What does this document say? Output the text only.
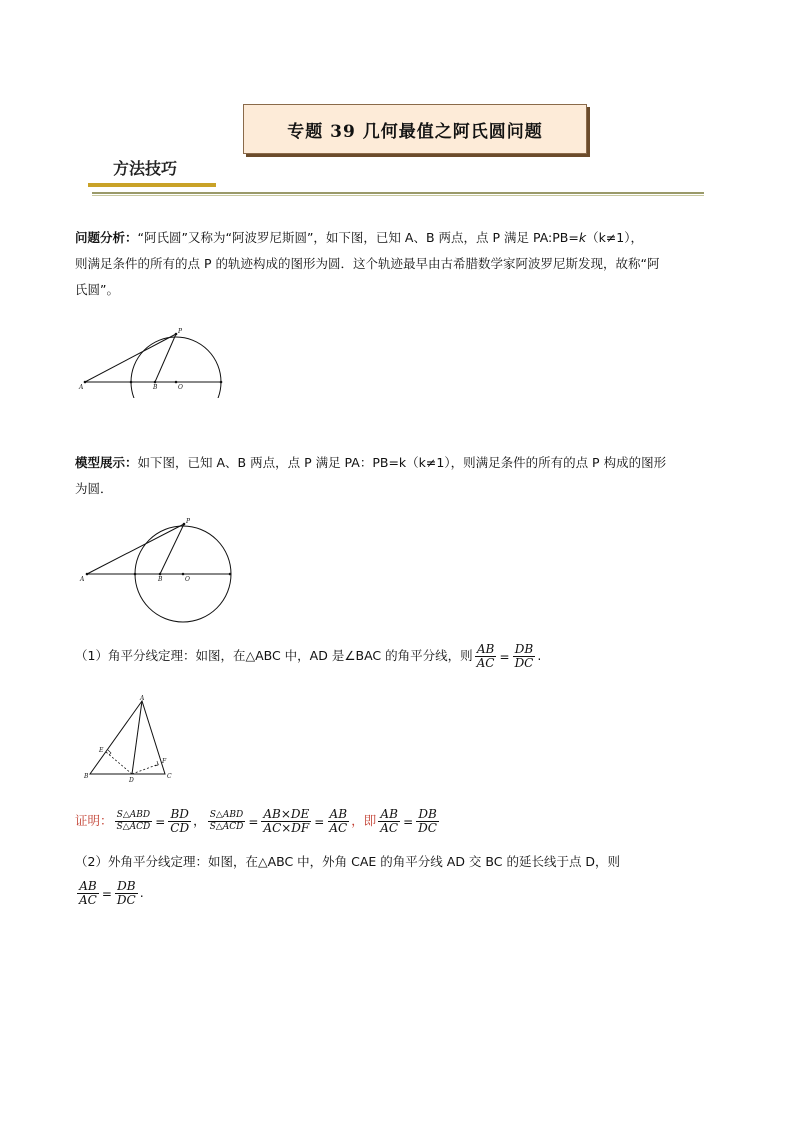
专题 39 几何最值之阿氏圆问题
方法技巧
问题分析：“阿氏圆”又称为“阿波罗尼斯圆”，如下图，已知 A、B 两点，点 P 满足 PA:PB=k（k≠1），
则满足条件的所有的点 P 的轨迹构成的图形为圆．这个轨迹最早由古希腊数学家阿波罗尼斯发现，故称“阿
氏圆”。
A	B	O
P
模型展示：如下图，已知 A、B 两点，点 P 满足 PA：PB=k（k≠1），则满足条件的所有的点 P 构成的图形
为圆．
A	B	O
P
（1）角平分线定理：如图，在△ABC 中，AD 是∠BAC 的角平分线，则 $\frac{AB}{AC} = \frac{DB}{DC}$ .
A
B	C
D
E
F
证明： $\frac{\text{S△ABD}}{\text{S△ACD}} = \frac{BD}{CD}$ ， $\frac{\text{S△ABD}}{\text{S△ACD}} = \frac{AB\times DE}{AC\times DF} = \frac{AB}{AC}$ ，即 $\frac{AB}{AC} = \frac{DB}{DC}$
（2）外角平分线定理：如图，在△ABC 中，外角 CAE 的角平分线 AD 交 BC 的延长线于点 D，则
$\frac{AB}{AC} = \frac{DB}{DC}$ .
